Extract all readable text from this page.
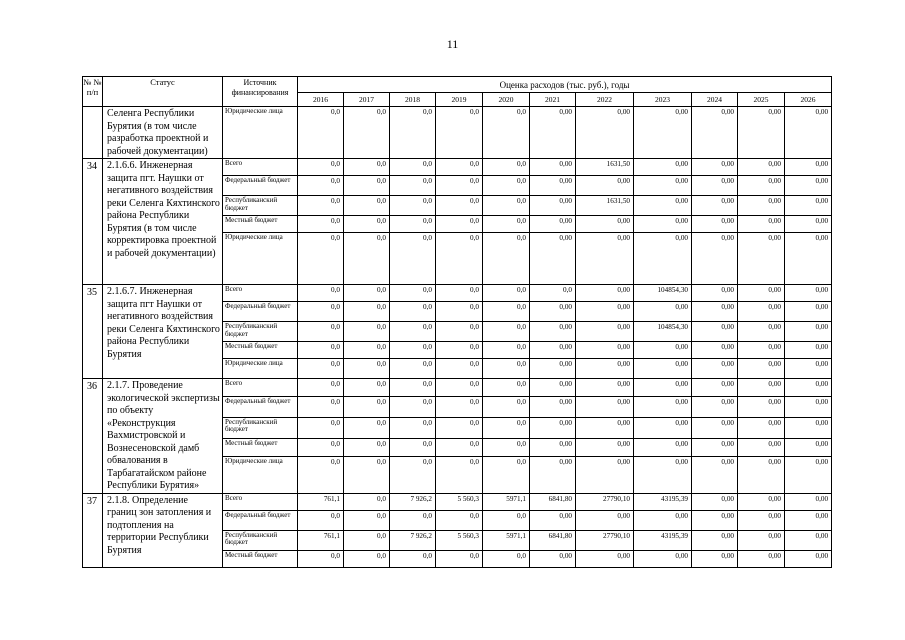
11
№ № п/п	Статус	Источник финансирования	Оценка расходов (тыс. руб.), годы										
			2016	2017	2018	2019	2020	2021	2022	2023	2024	2025	2026
	Селенга Республики Бурятия (в том числе разработка проектной и рабочей документации)	Юридические лица	0,0	0,0	0,0	0,0	0,0	0,00	0,00	0,00	0,00	0,00	0,00
34	2.1.6.6. Инженерная защита пгт. Наушки от негативного воздействия реки Селенга Кяхтинского района Республики Бурятия (в том числе корректировка проектной и рабочей документации)	Всего	0,0	0,0	0,0	0,0	0,0	0,00	1631,50	0,00	0,00	0,00	0,00
		Федеральный бюджет	0,0	0,0	0,0	0,0	0,0	0,00	0,00	0,00	0,00	0,00	0,00
		Республиканский бюджет	0,0	0,0	0,0	0,0	0,0	0,00	1631,50	0,00	0,00	0,00	0,00
		Местный бюджет	0,0	0,0	0,0	0,0	0,0	0,00	0,00	0,00	0,00	0,00	0,00
		Юридические лица	0,0	0,0	0,0	0,0	0,0	0,00	0,00	0,00	0,00	0,00	0,00
35	2.1.6.7. Инженерная защита пгт Наушки от негативного воздействия реки Селенга Кяхтинского района Республики Бурятия	Всего	0,0	0,0	0,0	0,0	0,0	0,0	0,00	104854,30	0,00	0,00	0,00
		Федеральный бюджет	0,0	0,0	0,0	0,0	0,0	0,00	0,00	0,00	0,00	0,00	0,00
		Республиканский бюджет	0,0	0,0	0,0	0,0	0,0	0,00	0,00	104854,30	0,00	0,00	0,00
		Местный бюджет	0,0	0,0	0,0	0,0	0,0	0,00	0,00	0,00	0,00	0,00	0,00
		Юридические лица	0,0	0,0	0,0	0,0	0,0	0,00	0,00	0,00	0,00	0,00	0,00
36	2.1.7. Проведение экологической экспертизы по объекту «Реконструкция Вахмистровской и Вознесеновской дамб обвалования в Тарбагатайском районе Республики Бурятия»	Всего	0,0	0,0	0,0	0,0	0,0	0,00	0,00	0,00	0,00	0,00	0,00
		Федеральный бюджет	0,0	0,0	0,0	0,0	0,0	0,00	0,00	0,00	0,00	0,00	0,00
		Республиканский бюджет	0,0	0,0	0,0	0,0	0,0	0,00	0,00	0,00	0,00	0,00	0,00
		Местный бюджет	0,0	0,0	0,0	0,0	0,0	0,00	0,00	0,00	0,00	0,00	0,00
		Юридические лица	0,0	0,0	0,0	0,0	0,0	0,00	0,00	0,00	0,00	0,00	0,00
37	2.1.8. Определение границ зон затопления и подтопления на территории Республики Бурятия	Всего	761,1	0,0	7 926,2	5 560,3	5971,1	6841,80	27790,10	43195,39	0,00	0,00	0,00
		Федеральный бюджет	0,0	0,0	0,0	0,0	0,0	0,00	0,00	0,00	0,00	0,00	0,00
		Республиканский бюджет	761,1	0,0	7 926,2	5 560,3	5971,1	6841,80	27790,10	43195,39	0,00	0,00	0,00
		Местный бюджет	0,0	0,0	0,0	0,0	0,0	0,00	0,00	0,00	0,00	0,00	0,00
